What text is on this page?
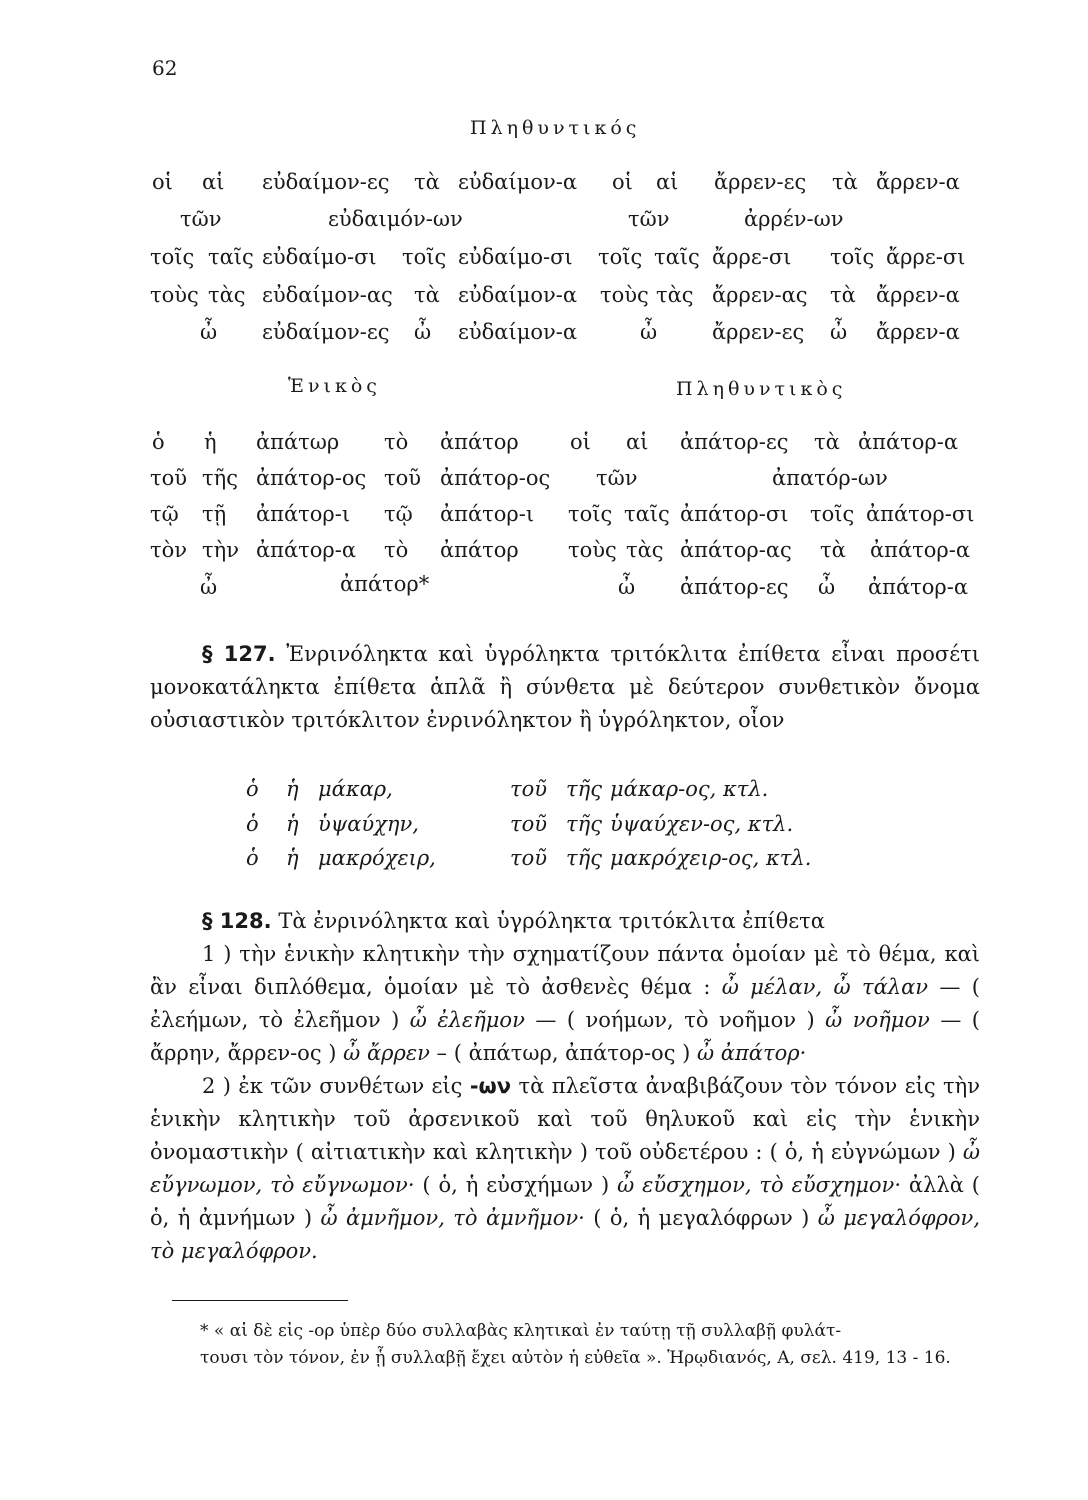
62
Πληθυντικός
οἱ αἱ εὐδαίμον-ες τὰ εὐδαίμον-α οἱ αἱ ἄρρεν-ες τὰ ἄρρεν-α
τῶν	εὐδαιμόν-ων	τῶν	ἀρρέν-ων
τοῖς ταῖς εὐδαίμο-σι τοῖς εὐδαίμο-σι τοῖς ταῖς ἄρρε-σι τοῖς ἄρρε-σι
τοὺς τὰς εὐδαίμον-ας τὰ εὐδαίμον-α τοὺς τὰς ἄρρεν-ας τὰ ἄρρεν-α
ὦ εὐδαίμον-ες ὦ εὐδαίμον-α	ὦ	ἄρρεν-ες ὦ ἄρρεν-α
Ἑνικὸς	Πληθυντικὸς
ὁ ἡ ἀπάτωρ τὸ ἀπάτορ οἱ αἱ ἀπάτορ-ες τὰ ἀπάτορ-α
τοῦ τῆς ἀπάτορ-ος τοῦ ἀπάτορ-ος τῶν	ἀπατόρ-ων
τῷ τῇ ἀπάτορ-ι τῷ ἀπάτορ-ι τοῖς ταῖς ἀπάτορ-σι τοῖς ἀπάτορ-σι
τὸν τὴν ἀπάτορ-α τὸ ἀπάτορ τοὺς τὰς ἀπάτορ-ας τὰ ἀπάτορ-α
ὦ	ἀπάτορ*	ὦ ἀπάτορ-ες ὦ ἀπάτορ-α

§ 127. Ἐνρινόληκτα καὶ ὑγρόληκτα τριτόκλιτα ἐπίθετα εἶναι προσέτι μονοκατάληκτα ἐπίθετα ἁπλᾶ ἢ σύνθετα μὲ δεύτερον συνθετικὸν ὄνομα οὐσιαστικὸν τριτόκλιτον ἐνρινόληκτον ἢ ὑγρόληκτον, οἷον

ὁ ἡ μάκαρ,	τοῦ τῆς μάκαρ-ος, κτλ.
ὁ ἡ ὑψαύχην,	τοῦ τῆς ὑψαύχεν-ος, κτλ.
ὁ ἡ μακρόχειρ,	τοῦ τῆς μακρόχειρ-ος, κτλ.

§ 128. Τὰ ἐνρινόληκτα καὶ ὑγρόληκτα τριτόκλιτα ἐπίθετα

1 ) τὴν ἑνικὴν κλητικὴν τὴν σχηματίζουν πάντα ὁμοίαν μὲ τὸ θέμα, καὶ ἂν εἶναι διπλόθεμα, ὁμοίαν μὲ τὸ ἀσθενὲς θέμα : ὦ μέλαν, ὦ τάλαν — ( ἐλεήμων, τὸ ἐλεῆμον ) ὦ ἐλεῆμον — ( νοήμων, τὸ νοῆμον ) ὦ νοῆμον — ( ἄρρην, ἄρρεν-ος ) ὦ ἄρρεν – ( ἀπάτωρ, ἀπάτορ-ος ) ὦ ἀπάτορ·

2 ) ἐκ τῶν συνθέτων εἰς -ων τὰ πλεῖστα ἀναβιβάζουν τὸν τόνον εἰς τὴν ἑνικὴν κλητικὴν τοῦ ἀρσενικοῦ καὶ τοῦ θηλυκοῦ καὶ εἰς τὴν ἑνικὴν ὀνομαστικὴν ( αἰτιατικὴν καὶ κλητικὴν ) τοῦ οὐδετέρου : ( ὁ, ἡ εὐγνώμων ) ὦ εὔγνωμον, τὸ εὔγνωμον· ( ὁ, ἡ εὐσχήμων ) ὦ εὔσχημον, τὸ εὔσχημον· ἀλλὰ ( ὁ, ἡ ἀμνήμων ) ὦ ἀμνῆμον, τὸ ἀμνῆμον· ( ὁ, ἡ μεγαλόφρων ) ὦ μεγαλόφρον, τὸ μεγαλόφρον.

* « αἱ δὲ εἰς -ορ ὑπὲρ δύο συλλαβὰς κλητικαὶ ἐν ταύτῃ τῇ συλλαβῇ φυλάτ-
τουσι τὸν τόνον, ἐν ᾗ συλλαβῇ ἔχει αὐτὸν ἡ εὐθεῖα ». Ἡρῳδιανός, Α, σελ. 419, 13 - 16.
